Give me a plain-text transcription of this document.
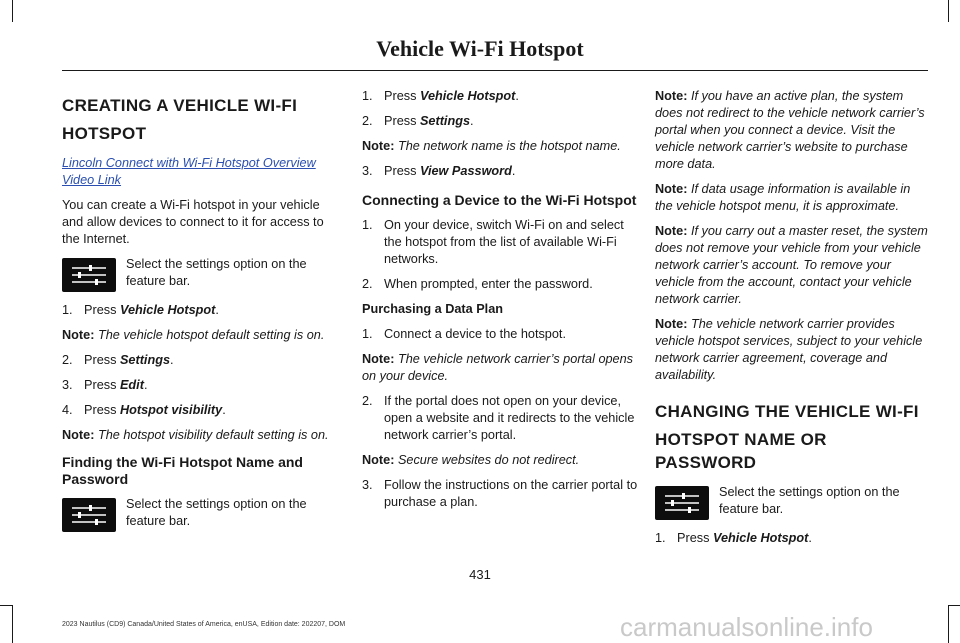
Vehicle Wi-Fi Hotspot
CREATING A VEHICLE WI-FI
HOTSPOT
Lincoln Connect with Wi-Fi Hotspot Overview Video Link

You can create a Wi-Fi hotspot in your vehicle and allow devices to connect to it for access to the Internet.

Select the settings option on the feature bar.
1. Press Vehicle Hotspot.

Note: The vehicle hotspot default setting is on.

2. Press Settings.
3. Press Edit.
4. Press Hotspot visibility.

Note: The hotspot visibility default setting is on.

Finding the Wi-Fi Hotspot Name and Password
Select the settings option on the feature bar.
1. Press Vehicle Hotspot.
2. Press Settings.

Note: The network name is the hotspot name.

3. Press View Password.
Connecting a Device to the Wi-Fi Hotspot
1. On your device, switch Wi-Fi on and select the hotspot from the list of available Wi-Fi networks.
2. When prompted, enter the password.
Purchasing a Data Plan
1. Connect a device to the hotspot.

Note: The vehicle network carrier’s portal opens on your device.

2. If the portal does not open on your device, open a website and it redirects to the vehicle network carrier’s portal.

Note: Secure websites do not redirect.

3. Follow the instructions on the carrier portal to purchase a plan.

Note: If you have an active plan, the system does not redirect to the vehicle network carrier’s portal when you connect a device. Visit the vehicle network carrier’s website to purchase more data.

Note: If data usage information is available in the vehicle hotspot menu, it is approximate.

Note: If you carry out a master reset, the system does not remove your vehicle from your vehicle network carrier’s account. To remove your vehicle from the account, contact your vehicle network carrier.

Note: The vehicle network carrier provides vehicle hotspot services, subject to your vehicle network carrier agreement, coverage and availability.

CHANGING THE VEHICLE WI-FI
HOTSPOT NAME OR PASSWORD
Select the settings option on the feature bar.
1. Press Vehicle Hotspot.
431
2023 Nautilus (CD9) Canada/United States of America, enUSA, Edition date: 202207, DOM	carmanualsonline.info
